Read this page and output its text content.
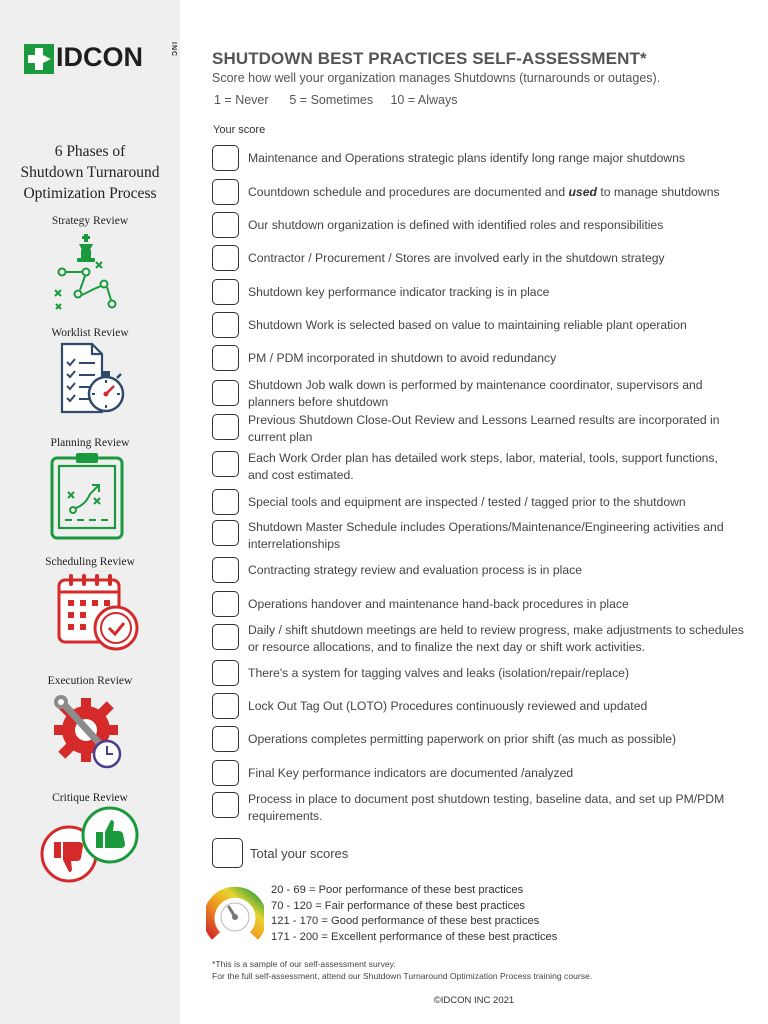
IDCON	INC
6 Phases of
Shutdown Turnaround
Optimization Process
Strategy Review
Worklist Review
Planning Review
Scheduling Review
Execution Review
Critique Review
SHUTDOWN BEST PRACTICES SELF-ASSESSMENT*
Score how well your organization manages Shutdowns (turnarounds or outages).
1 = Never      5 = Sometimes     10 = Always
Your score
Maintenance and Operations strategic plans identify long range major shutdowns
Countdown schedule and procedures are documented and used to manage shutdowns
Our shutdown organization is defined with identified roles and responsibilities
Contractor / Procurement / Stores are involved early in the shutdown strategy
Shutdown key performance indicator tracking is in place
Shutdown Work is selected based on value to maintaining reliable plant operation
PM / PDM incorporated in shutdown to avoid redundancy
Shutdown Job walk down is performed by maintenance coordinator, supervisors and planners before shutdown
Previous Shutdown Close-Out Review and Lessons Learned results are incorporated in current plan
Each Work Order plan has detailed work steps, labor, material, tools, support functions, and cost estimated.
Special tools and equipment are inspected / tested / tagged prior to the shutdown
Shutdown Master Schedule includes Operations/Maintenance/Engineering activities and interrelationships
Contracting strategy review and evaluation process is in place
Operations handover and maintenance hand-back procedures in place
Daily / shift shutdown meetings are held to review progress, make adjustments to schedules or resource allocations, and to finalize the next day or shift work activities.
There's a system for tagging valves and leaks (isolation/repair/replace)
Lock Out Tag Out (LOTO) Procedures continuously reviewed and updated
Operations completes permitting paperwork on prior shift (as much as possible)
Final Key performance indicators are documented /analyzed
Process in place to document post shutdown testing, baseline data, and set up PM/PDM requirements.
Total your scores
20 - 69 = Poor performance of these best practices
70 - 120 = Fair performance of these best practices
121 - 170 = Good performance of these best practices
171 - 200 = Excellent performance of these best practices
*This is a sample of our self-assessment survey.
For the full self-assessment, attend our Shutdown Turnaround Optimization Process training course.
©IDCON INC 2021
